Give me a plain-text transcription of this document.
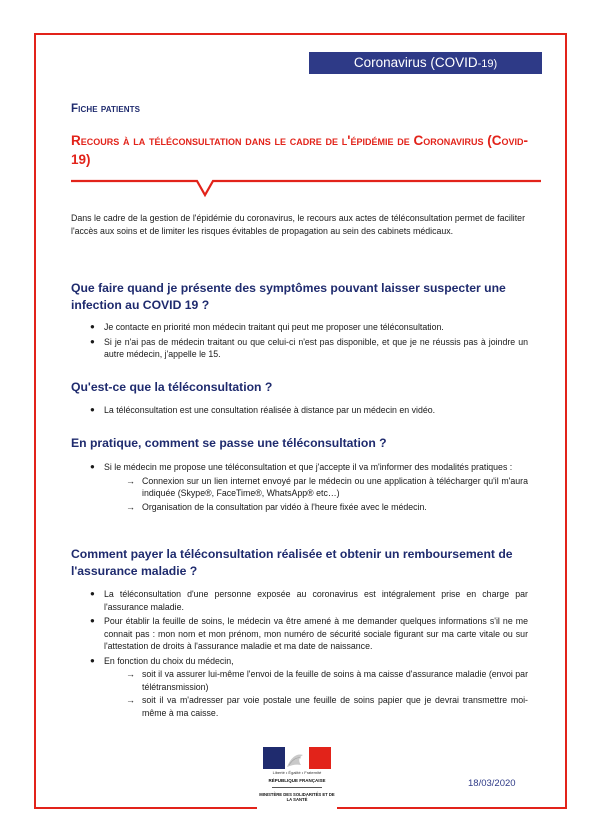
Coronavirus (COVID-19)
Fiche patients
Recours à la téléconsultation dans le cadre de l'épidémie de Coronavirus (Covid-19)

Dans le cadre de la gestion de l'épidémie du coronavirus, le recours aux actes de téléconsultation permet de faciliter l'accès aux soins et de limiter les risques évitables de propagation au sein des cabinets médicaux.

Que faire quand je présente des symptômes pouvant laisser suspecter une infection au COVID 19 ?
● Je contacte en priorité mon médecin traitant qui peut me proposer une téléconsultation.
● Si je n'ai pas de médecin traitant ou que celui-ci n'est pas disponible, et que je ne réussis pas à joindre un autre médecin, j'appelle le 15.
Qu'est-ce que la téléconsultation ?
● La téléconsultation est une consultation réalisée à distance par un médecin en vidéo.
En pratique, comment se passe une téléconsultation ?
● Si le médecin me propose une téléconsultation et que j'accepte il va m'informer des modalités pratiques :
→ Connexion sur un lien internet envoyé par le médecin ou une application à télécharger qu'il m'aura indiquée (Skype®, FaceTime®, WhatsApp® etc…)
→ Organisation de la consultation par vidéo à l'heure fixée avec le médecin.
Comment payer la téléconsultation réalisée et obtenir un remboursement de l'assurance maladie ?
● La téléconsultation d'une personne exposée au coronavirus est intégralement prise en charge par l'assurance maladie.
● Pour établir la feuille de soins, le médecin va être amené à me demander quelques informations s'il ne me connait pas : mon nom et mon prénom, mon numéro de sécurité sociale figurant sur ma carte vitale ou sur l'attestation de droits à l'assurance maladie et ma date de naissance.
● En fonction du choix du médecin,
→ soit il va assurer lui-même l'envoi de la feuille de soins à ma caisse d'assurance maladie (envoi par télétransmission)
→ soit il va m'adresser par voie postale une feuille de soins papier que je devrai transmettre moi-même à ma caisse.
Liberté • Égalité • Fraternité
RÉPUBLIQUE FRANÇAISE
MINISTÈRE DES SOLIDARITÉS ET DE LA SANTÉ
18/03/2020
